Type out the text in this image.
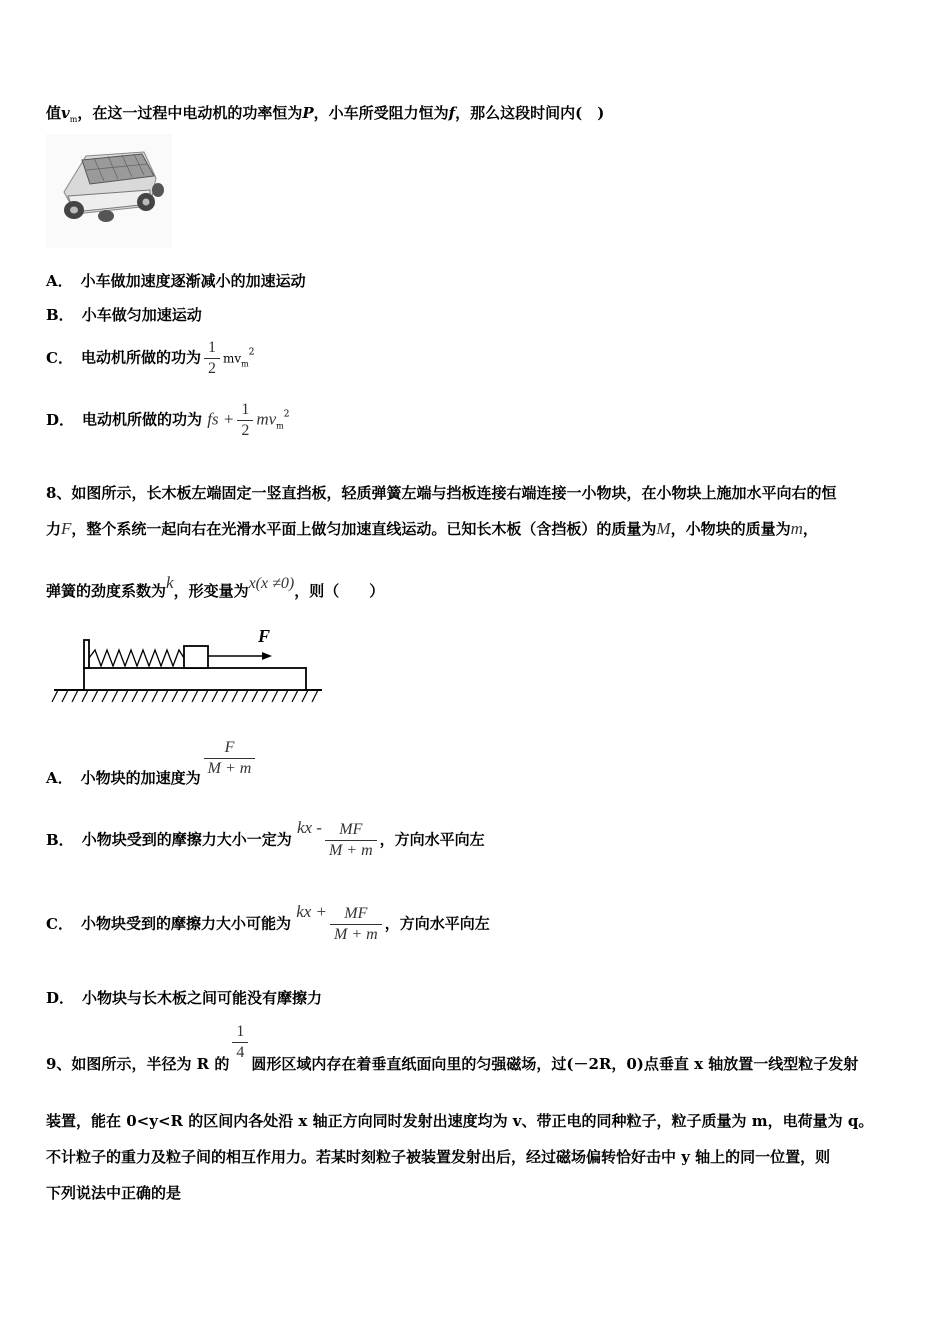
值$v_m$，在这一过程中电动机的功率恒为P，小车所受阻力恒为f，那么这段时间内(　)
A． 小车做加速度逐渐减小的加速运动
B． 小车做匀加速运动
C． 电动机所做的功为 $\frac{1}{2} mv_m^2$
D． 电动机所做的功为 fs + $\frac{1}{2} mv_m^2$
8、如图所示，长木板左端固定一竖直挡板，轻质弹簧左端与挡板连接右端连接一小物块，在小物块上施加水平向右的恒
力F，整个系统一起向右在光滑水平面上做匀加速直线运动。已知长木板（含挡板）的质量为M，小物块的质量为m，
弹簧的劲度系数为k，形变量为x(x ≠0)，则（　　）
F
A． 小物块的加速度为 $\frac{F}{M + m}$
B． 小物块受到的摩擦力大小一定为 kx - $\frac{MF}{M + m}$ ，方向水平向左
C． 小物块受到的摩擦力大小可能为 kx + $\frac{MF}{M + m}$ ，方向水平向左
D． 小物块与长木板之间可能没有摩擦力
9、如图所示，半径为 R 的
$\frac{1}{4}$
圆形区域内存在着垂直纸面向里的匀强磁场，过(－2R，0)点垂直 x 轴放置一线型粒子发射
装置，能在 0<y<R 的区间内各处沿 x 轴正方向同时发射出速度均为 v、带正电的同种粒子，粒子质量为 m，电荷量为 q。
不计粒子的重力及粒子间的相互作用力。若某时刻粒子被装置发射出后，经过磁场偏转恰好击中 y 轴上的同一位置，则
下列说法中正确的是
